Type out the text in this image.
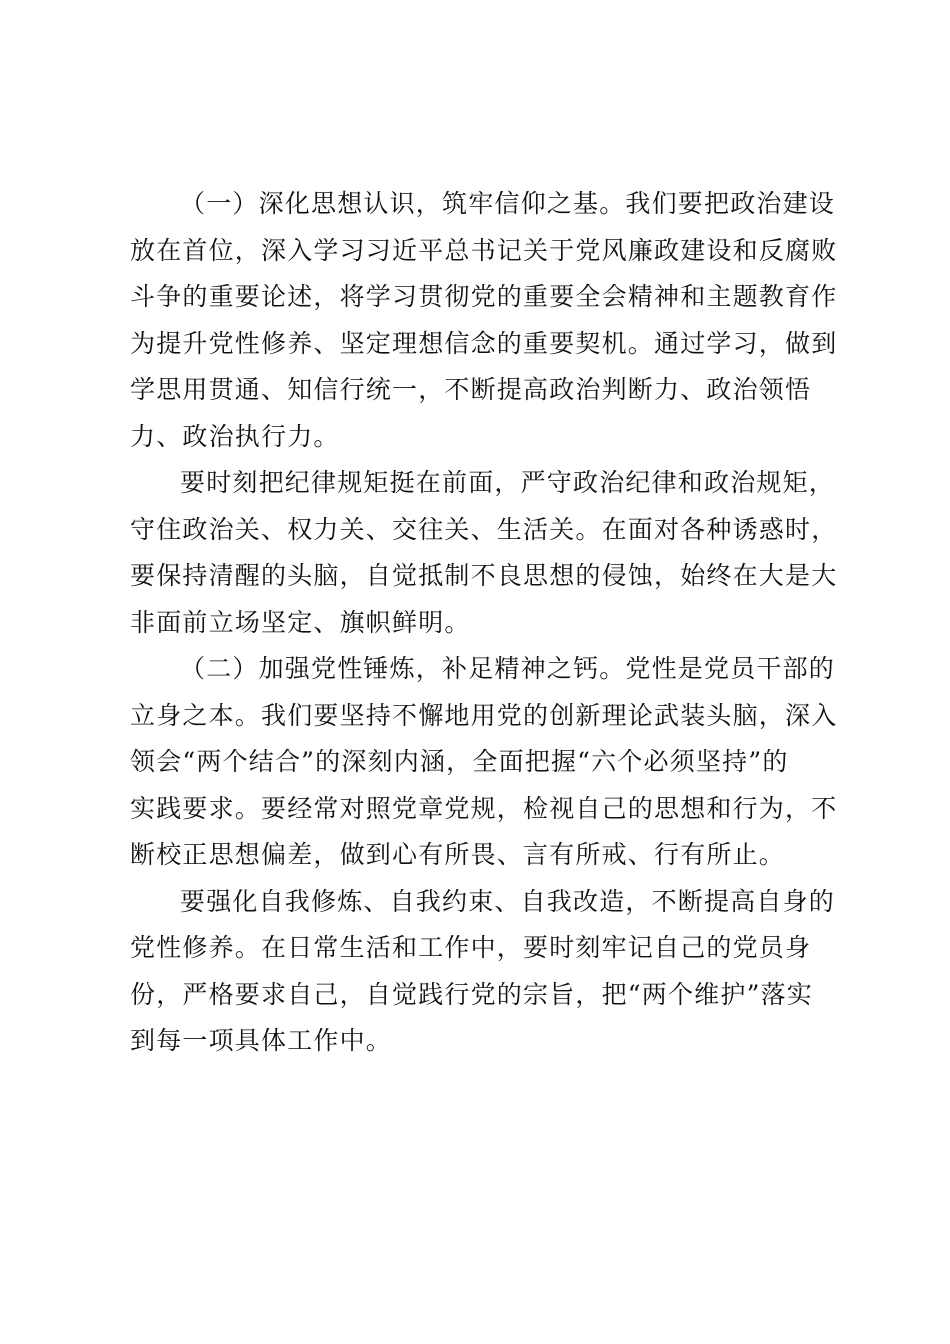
（一）深化思想认识，筑牢信仰之基。我们要把政治建设
放在首位，深入学习习近平总书记关于党风廉政建设和反腐败
斗争的重要论述，将学习贯彻党的重要全会精神和主题教育作
为提升党性修养、坚定理想信念的重要契机。通过学习，做到
学思用贯通、知信行统一，不断提高政治判断力、政治领悟
力、政治执行力。

要时刻把纪律规矩挺在前面，严守政治纪律和政治规矩，
守住政治关、权力关、交往关、生活关。在面对各种诱惑时，
要保持清醒的头脑，自觉抵制不良思想的侵蚀，始终在大是大
非面前立场坚定、旗帜鲜明。

（二）加强党性锤炼，补足精神之钙。党性是党员干部的
立身之本。我们要坚持不懈地用党的创新理论武装头脑，深入
领会“两个结合”的深刻内涵，全面把握“六个必须坚持”的
实践要求。要经常对照党章党规，检视自己的思想和行为，不
断校正思想偏差，做到心有所畏、言有所戒、行有所止。

要强化自我修炼、自我约束、自我改造，不断提高自身的
党性修养。在日常生活和工作中，要时刻牢记自己的党员身
份，严格要求自己，自觉践行党的宗旨，把“两个维护”落实
到每一项具体工作中。
